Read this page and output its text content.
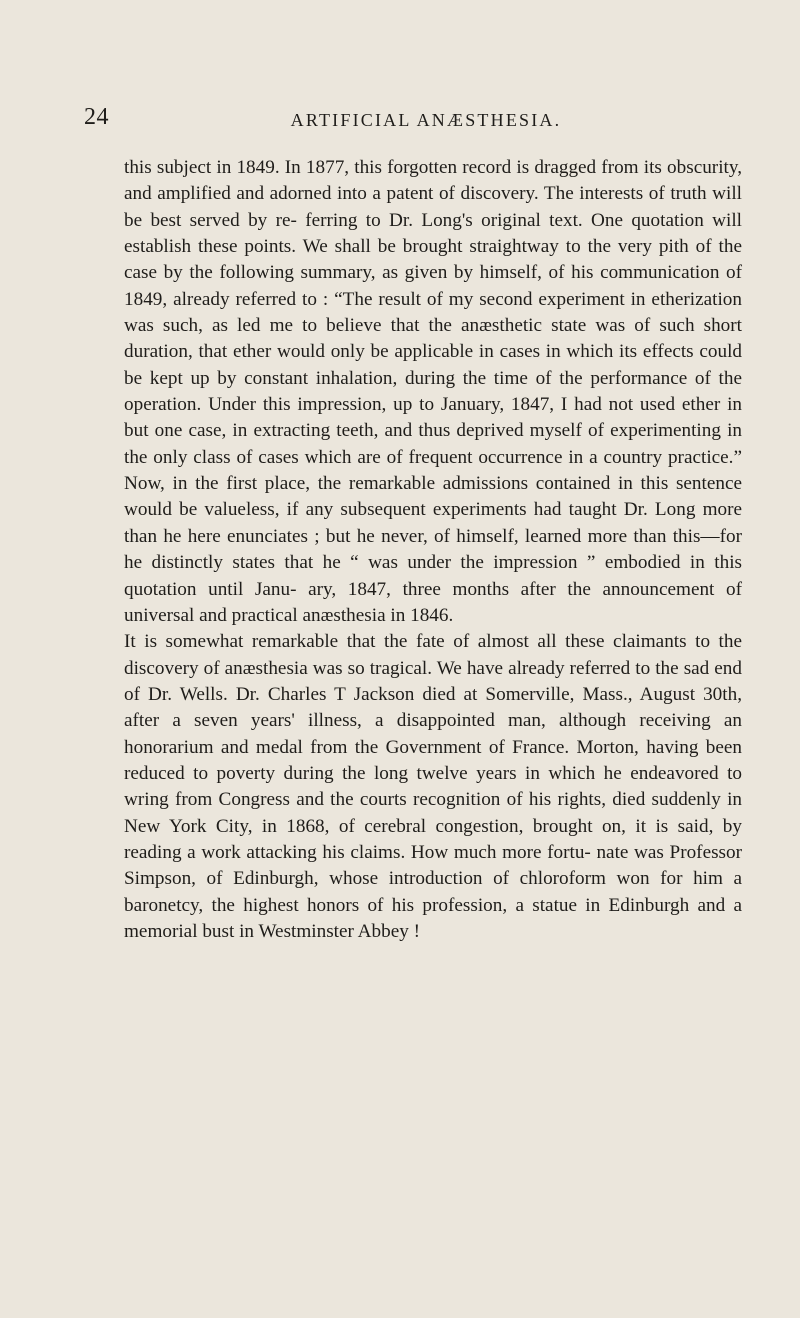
24	ARTIFICIAL ANÆSTHESIA.

this subject in 1849. In 1877, this forgotten record is dragged from its obscurity, and amplified and adorned into a patent of discovery. The interests of truth will be best served by re- ferring to Dr. Long's original text. One quotation will establish these points. We shall be brought straightway to the very pith of the case by the following summary, as given by himself, of his communication of 1849, already referred to : “The result of my second experiment in etherization was such, as led me to believe that the anæsthetic state was of such short duration, that ether would only be applicable in cases in which its effects could be kept up by constant inhalation, during the time of the performance of the operation. Under this impression, up to January, 1847, I had not used ether in but one case, in extracting teeth, and thus deprived myself of experimenting in the only class of cases which are of frequent occurrence in a country practice.” Now, in the first place, the remarkable admissions contained in this sentence would be valueless, if any subsequent experiments had taught Dr. Long more than he here enunciates ; but he never, of himself, learned more than this—for he distinctly states that he “ was under the impression ” embodied in this quotation until Janu- ary, 1847, three months after the announcement of universal and practical anæsthesia in 1846.

It is somewhat remarkable that the fate of almost all these claimants to the discovery of anæsthesia was so tragical. We have already referred to the sad end of Dr. Wells. Dr. Charles T Jackson died at Somerville, Mass., August 30th, after a seven years' illness, a disappointed man, although receiving an honorarium and medal from the Government of France. Morton, having been reduced to poverty during the long twelve years in which he endeavored to wring from Congress and the courts recognition of his rights, died suddenly in New York City, in 1868, of cerebral congestion, brought on, it is said, by reading a work attacking his claims. How much more fortu- nate was Professor Simpson, of Edinburgh, whose introduction of chloroform won for him a baronetcy, the highest honors of his profession, a statue in Edinburgh and a memorial bust in Westminster Abbey !
